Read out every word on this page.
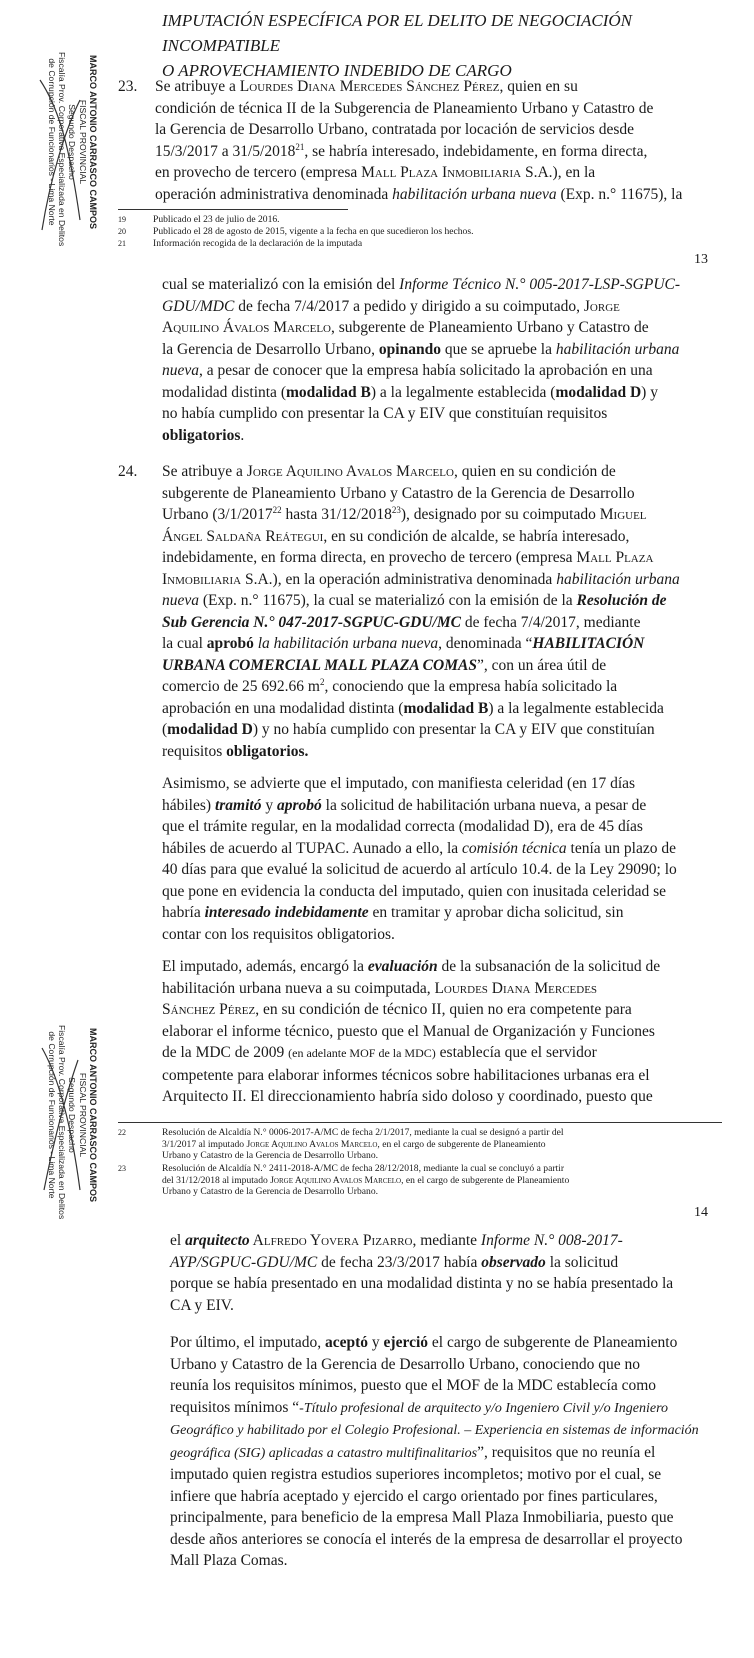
IMPUTACIÓN ESPECÍFICA POR EL DELITO DE NEGOCIACIÓN INCOMPATIBLE
O APROVECHAMIENTO INDEBIDO DE CARGO
MARCO ANTONIO CARRASCO CAMPOS
FISCAL PROVINCIAL
Segundo Despacho
Fiscalía Prov. Corporativa Especializada en Delitos
de Corrupción de Funcionarios - Lima Norte	23. Se atribuye a Lourdes Diana Mercedes Sánchez Pérez, quien en su
condición de técnica II de la Subgerencia de Planeamiento Urbano y Catastro de
la Gerencia de Desarrollo Urbano, contratada por locación de servicios desde
15/3/2017 a 31/5/2018$^{21}$, se habría interesado, indebidamente, en forma directa,
en provecho de tercero (empresa Mall Plaza Inmobiliaria S.A.), en la
operación administrativa denominada habilitación urbana nueva (Exp. n.° 11675), la
19	Publicado el 23 de julio de 2016.
20	Publicado el 28 de agosto de 2015, vigente a la fecha en que sucedieron los hechos.
21	Información recogida de la declaración de la imputada
13
cual se materializó con la emisión del Informe Técnico N.° 005-2017-LSP-SGPUC-
GDU/MDC de fecha 7/4/2017 a pedido y dirigido a su coimputado, Jorge
Aquilino Ávalos Marcelo, subgerente de Planeamiento Urbano y Catastro de
la Gerencia de Desarrollo Urbano, opinando que se apruebe la habilitación urbana
nueva, a pesar de conocer que la empresa había solicitado la aprobación en una
modalidad distinta (modalidad B) a la legalmente establecida (modalidad D) y
no había cumplido con presentar la CA y EIV que constituían requisitos
obligatorios.
24. Se atribuye a Jorge Aquilino Avalos Marcelo, quien en su condición de
subgerente de Planeamiento Urbano y Catastro de la Gerencia de Desarrollo
Urbano (3/1/2017$^{22}$ hasta 31/12/2018$^{23}$), designado por su coimputado Miguel
Ángel Saldaña Reátegui, en su condición de alcalde, se habría interesado,
indebidamente, en forma directa, en provecho de tercero (empresa Mall Plaza
Inmobiliaria S.A.), en la operación administrativa denominada habilitación urbana
nueva (Exp. n.° 11675), la cual se materializó con la emisión de la Resolución de
Sub Gerencia N.° 047-2017-SGPUC-GDU/MC de fecha 7/4/2017, mediante
la cual aprobó la habilitación urbana nueva, denominada “HABILITACIÓN
URBANA COMERCIAL MALL PLAZA COMAS”, con un área útil de
comercio de 25 692.66 $m^2$, conociendo que la empresa había solicitado la
aprobación en una modalidad distinta (modalidad B) a la legalmente establecida
(modalidad D) y no había cumplido con presentar la CA y EIV que constituían
requisitos obligatorios.
Asimismo, se advierte que el imputado, con manifiesta celeridad (en 17 días
hábiles) tramitó y aprobó la solicitud de habilitación urbana nueva, a pesar de
que el trámite regular, en la modalidad correcta (modalidad D), era de 45 días
hábiles de acuerdo al TUPAC. Aunado a ello, la comisión técnica tenía un plazo de
40 días para que evalué la solicitud de acuerdo al artículo 10.4. de la Ley 29090; lo
que pone en evidencia la conducta del imputado, quien con inusitada celeridad se
habría interesado indebidamente en tramitar y aprobar dicha solicitud, sin
contar con los requisitos obligatorios.
El imputado, además, encargó la evaluación de la subsanación de la solicitud de
habilitación urbana nueva a su coimputada, Lourdes Diana Mercedes
Sánchez Pérez, en su condición de técnico II, quien no era competente para
elaborar el informe técnico, puesto que el Manual de Organización y Funciones
de la MDC de 2009 (en adelante MOF de la MDC) establecía que el servidor
competente para elaborar informes técnicos sobre habilitaciones urbanas era el
Arquitecto II. El direccionamiento habría sido doloso y coordinado, puesto que
MARCO ANTONIO CARRASCO CAMPOS
FISCAL PROVINCIAL
Segundo Despacho
Fiscalía Prov. Corporativa Especializada en Delitos
de Corrupción de Funcionarios - Lima Norte	22	Resolución de Alcaldía N.° 0006-2017-A/MC de fecha 2/1/2017, mediante la cual se designó a partir del
3/1/2017 al imputado Jorge Aquilino Avalos Marcelo, en el cargo de subgerente de Planeamiento
Urbano y Catastro de la Gerencia de Desarrollo Urbano.
23	Resolución de Alcaldía N.° 2411-2018-A/MC de fecha 28/12/2018, mediante la cual se concluyó a partir
del 31/12/2018 al imputado Jorge Aquilino Avalos Marcelo, en el cargo de subgerente de Planeamiento
Urbano y Catastro de la Gerencia de Desarrollo Urbano.
14
el arquitecto Alfredo Yovera Pizarro, mediante Informe N.° 008-2017-
AYP/SGPUC-GDU/MC de fecha 23/3/2017 había observado la solicitud
porque se había presentado en una modalidad distinta y no se había presentado la
CA y EIV.
Por último, el imputado, aceptó y ejerció el cargo de subgerente de Planeamiento
Urbano y Catastro de la Gerencia de Desarrollo Urbano, conociendo que no
reunía los requisitos mínimos, puesto que el MOF de la MDC establecía como
requisitos mínimos “-Título profesional de arquitecto y/o Ingeniero Civil y/o Ingeniero
Geográfico y habilitado por el Colegio Profesional. – Experiencia en sistemas de información
geográfica (SIG) aplicadas a catastro multifinalitarios”, requisitos que no reunía el
imputado quien registra estudios superiores incompletos; motivo por el cual, se
infiere que habría aceptado y ejercido el cargo orientado por fines particulares,
principalmente, para beneficio de la empresa Mall Plaza Inmobiliaria, puesto que
desde años anteriores se conocía el interés de la empresa de desarrollar el proyecto
Mall Plaza Comas.
